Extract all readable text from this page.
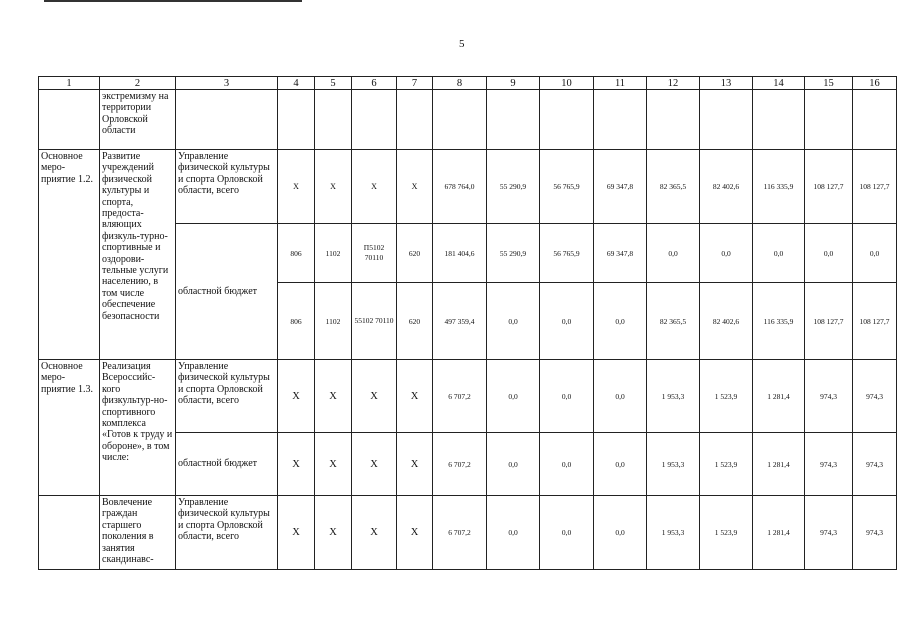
5
1	2	3	4	5	6	7	8	9	10	11	12	13	14	15	16
	экстремизму на территории Орловской области														
Основное меро-приятие 1.2.	Развитие учреждений физической культуры и спорта, предоста-вляющих физкуль-турно-спортивные и оздорови-тельные услуги населению, в том числе обеспечение безопасности	Управление физической культуры и спорта Орловской области, всего	Х	Х	Х	Х	678 764,0	55 290,9	56 765,9	69 347,8	82 365,5	82 402,6	116 335,9	108 127,7	108 127,7
		областной бюджет	806	1102	П5102 70110	620	181 404,6	55 290,9	56 765,9	69 347,8	0,0	0,0	0,0	0,0	0,0
			806	1102	55102 70110	620	497 359,4	0,0	0,0	0,0	82 365,5	82 402,6	116 335,9	108 127,7	108 127,7
Основное меро-приятие 1.3.	Реализация Всероссийс-кого физкультур-но-спортивного комплекса «Готов к труду и обороне», в том числе:	Управление физической культуры и спорта Орловской области, всего	Х	Х	Х	Х	6 707,2	0,0	0,0	0,0	1 953,3	1 523,9	1 281,4	974,3	974,3
		областной бюджет	Х	Х	Х	Х	6 707,2	0,0	0,0	0,0	1 953,3	1 523,9	1 281,4	974,3	974,3
	Вовлечение граждан старшего поколения в занятия скандинавс-	Управление физической культуры и спорта Орловской области, всего	Х	Х	Х	Х	6 707,2	0,0	0,0	0,0	1 953,3	1 523,9	1 281,4	974,3	974,3
